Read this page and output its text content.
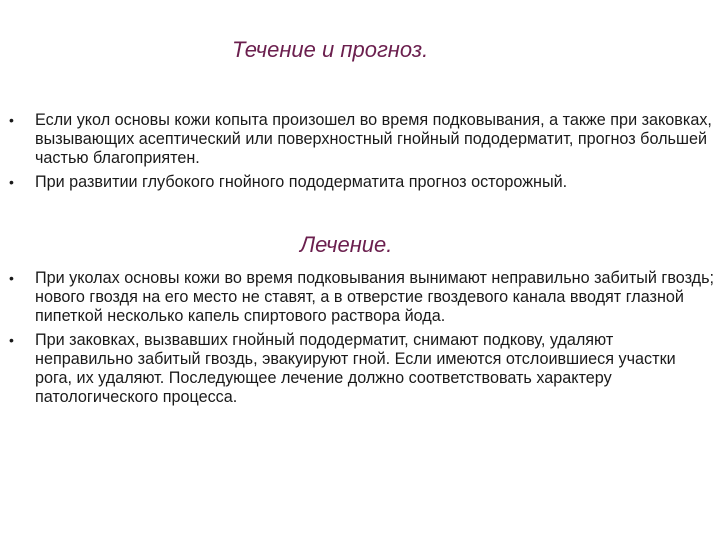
Течение и прогноз.
• Если укол основы кожи копыта произошел во время подковывания, а также при заковках, вызывающих асептический или поверхностный гнойный пододерматит, прогноз большей частью благоприятен.
• При развитии глубокого гнойного пододерматита прогноз осторожный.
Лечение.
• При уколах основы кожи во время подковывания вынимают неправильно забитый гвоздь; нового гвоздя на его место не ставят, а в отверстие гвоздевого канала вводят глазной пипеткой несколько капель спиртового раствора йода.
• При заковках, вызвавших гнойный пододерматит, снимают подкову, удаляют неправильно забитый гвоздь, эвакуируют гной. Если имеются отслоившиеся участки рога, их удаляют. Последующее лечение должно соответствовать характеру патологического процесса.
